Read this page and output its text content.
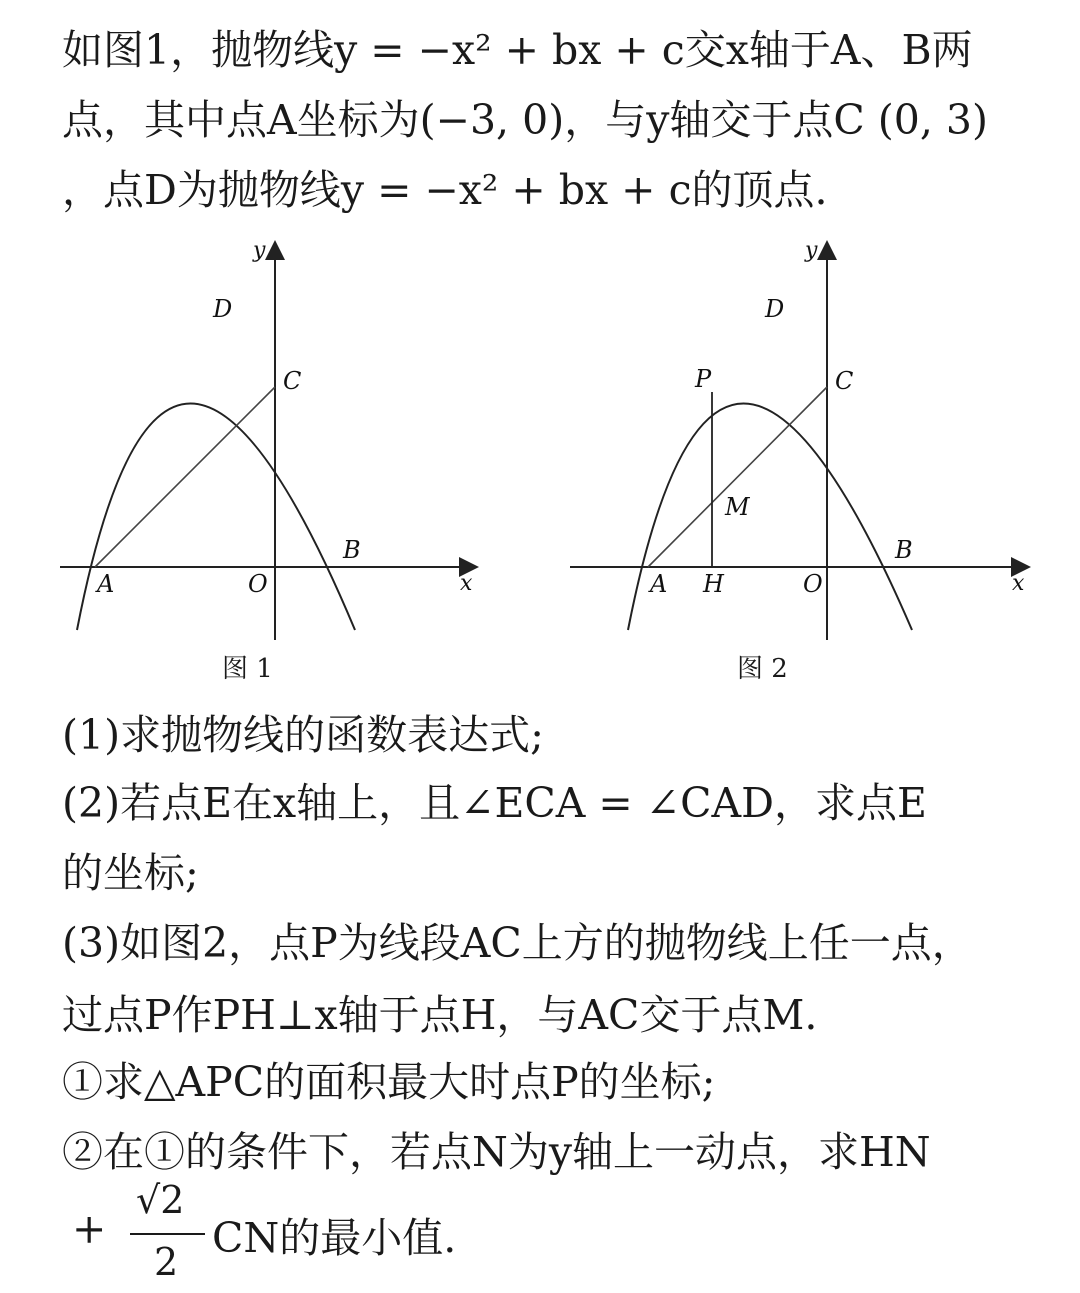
如图1，抛物线y = −x² + bx + c交x轴于A、B两
点，其中点A坐标为(−3, 0)，与y轴交于点C (0, 3)
，点D为抛物线y = −x² + bx + c的顶点.
y
x
D
C
B
A	O
图 1
y
x
D
C
P
M
B
A H	O
图 2
(1)求抛物线的函数表达式;
(2)若点E在x轴上，且∠ECA = ∠CAD，求点E
的坐标;
(3)如图2，点P为线段AC上方的抛物线上任一点，
过点P作PH⊥x轴于点H，与AC交于点M.
①求△APC的面积最大时点P的坐标;
②在①的条件下，若点N为y轴上一动点，求HN
+
√2
2 CN的最小值.
